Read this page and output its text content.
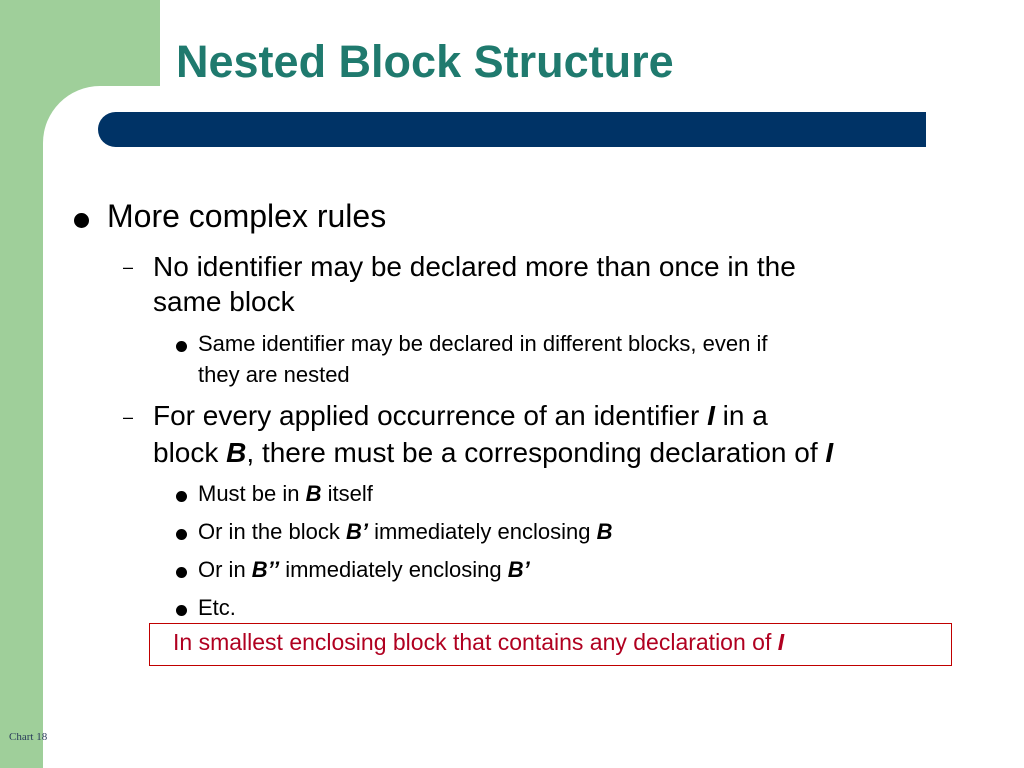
Nested Block Structure
More complex rules
– No identifier may be declared more than once in the
same block
Same identifier may be declared in different blocks, even if
they are nested
– For every applied occurrence of an identifier I in a
block B, there must be a corresponding declaration of I
Must be in B itself
Or in the block B’ immediately enclosing B
Or in B’’ immediately enclosing B’
Etc.
In smallest enclosing block that contains any declaration of I
Chart 18
